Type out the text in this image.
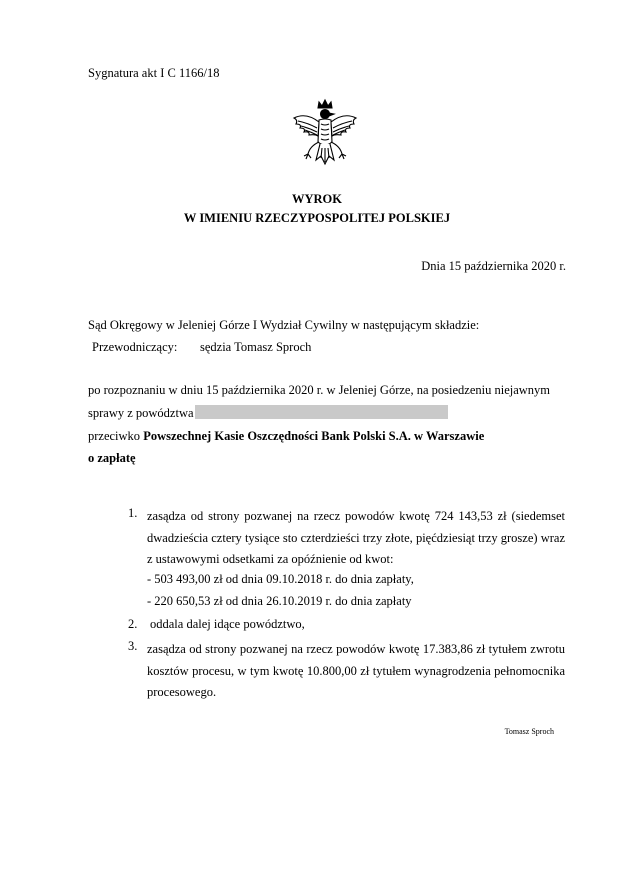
Sygnatura akt I C 1166/18
WYROK
W IMIENIU RZECZYPOSPOLITEJ POLSKIEJ
Dnia 15 października 2020 r.
Sąd Okręgowy w Jeleniej Górze I Wydział Cywilny w następującym składzie:
Przewodniczący: sędzia Tomasz Sproch
po rozpoznaniu w dniu 15 października 2020 r. w Jeleniej Górze, na posiedzeniu niejawnym
sprawy z powództwa
przeciwko Powszechnej Kasie Oszczędności Bank Polski S.A. w Warszawie
o zapłatę
1. zasądza od strony pozwanej na rzecz powodów kwotę 724 143,53 zł (siedemset dwadzieścia cztery tysiące sto czterdzieści trzy złote, pięćdziesiąt trzy grosze) wraz z ustawowymi odsetkami za opóźnienie od kwot:
- 503 493,00 zł od dnia 09.10.2018 r. do dnia zapłaty,
- 220 650,53 zł od dnia 26.10.2019 r. do dnia zapłaty
2. oddala dalej idące powództwo,
3. zasądza od strony pozwanej na rzecz powodów kwotę 17.383,86 zł tytułem zwrotu kosztów procesu, w tym kwotę 10.800,00 zł tytułem wynagrodzenia pełnomocnika procesowego.
Tomasz Sproch
